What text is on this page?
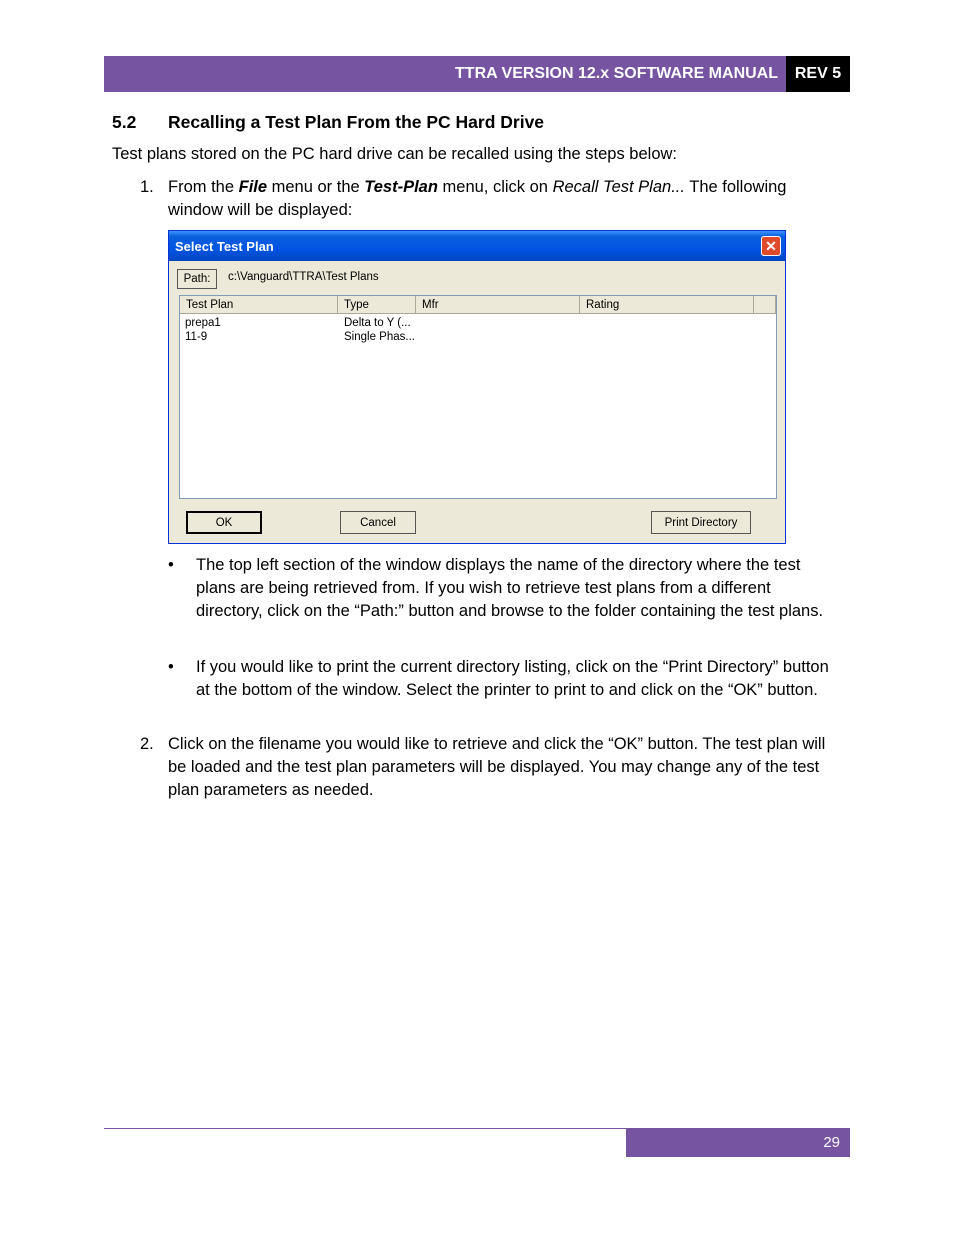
TTRA VERSION 12.x SOFTWARE MANUAL	REV 5
5.2 Recalling a Test Plan From the PC Hard Drive
Test plans stored on the PC hard drive can be recalled using the steps below:
1. From the File menu or the Test-Plan menu, click on Recall Test Plan... The following window will be displayed:
Select Test Plan	✕
Path:	c:\Vanguard\TTRA\Test Plans
Test Plan	Type	Mfr	Rating
prepa1	Delta to Y (...
11-9	Single Phas...
OK	Cancel	Print Directory
• The top left section of the window displays the name of the directory where the test plans are being retrieved from. If you wish to retrieve test plans from a different directory, click on the “Path:” button and browse to the folder containing the test plans.
• If you would like to print the current directory listing, click on the “Print Directory” button at the bottom of the window. Select the printer to print to and click on the “OK” button.
2. Click on the filename you would like to retrieve and click the “OK” button. The test plan will be loaded and the test plan parameters will be displayed. You may change any of the test plan parameters as needed.
29
